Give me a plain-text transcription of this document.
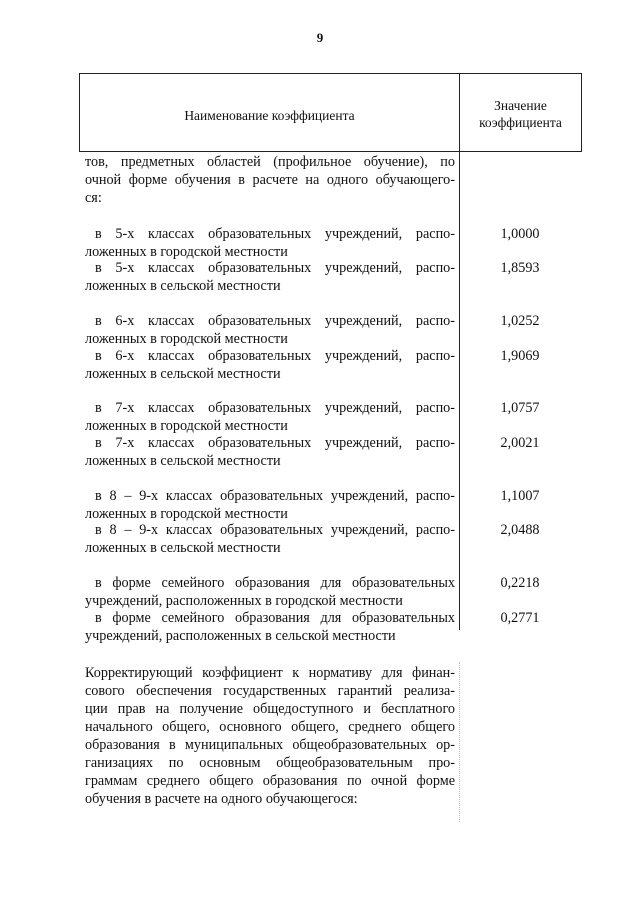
9
Наименование коэффициента
Значение
коэффициента
тов, предметных областей (профильное обучение), по
очной форме обучения в расчете на одного обучающего-
ся:
в 5-х классах образовательных учреждений, распо-
ложенных в городской местности
1,0000
в 5-х классах образовательных учреждений, распо-
ложенных в сельской местности
1,8593
в 6-х классах образовательных учреждений, распо-
ложенных в городской местности
1,0252
в 6-х классах образовательных учреждений, распо-
ложенных в сельской местности
1,9069
в 7-х классах образовательных учреждений, распо-
ложенных в городской местности
1,0757
в 7-х классах образовательных учреждений, распо-
ложенных в сельской местности
2,0021
в 8 – 9-х классах образовательных учреждений, распо-
ложенных в городской местности
1,1007
в 8 – 9-х классах образовательных учреждений, распо-
ложенных в сельской местности
2,0488
в форме семейного образования для образовательных
учреждений, расположенных в городской местности
0,2218
в форме семейного образования для образовательных
учреждений, расположенных в сельской местности
0,2771
Корректирующий коэффициент к нормативу для финан-
сового обеспечения государственных гарантий реализа-
ции прав на получение общедоступного и бесплатного
начального общего, основного общего, среднего общего
образования в муниципальных общеобразовательных ор-
ганизациях по основным общеобразовательным про-
граммам среднего общего образования по очной форме
обучения в расчете на одного обучающегося:
